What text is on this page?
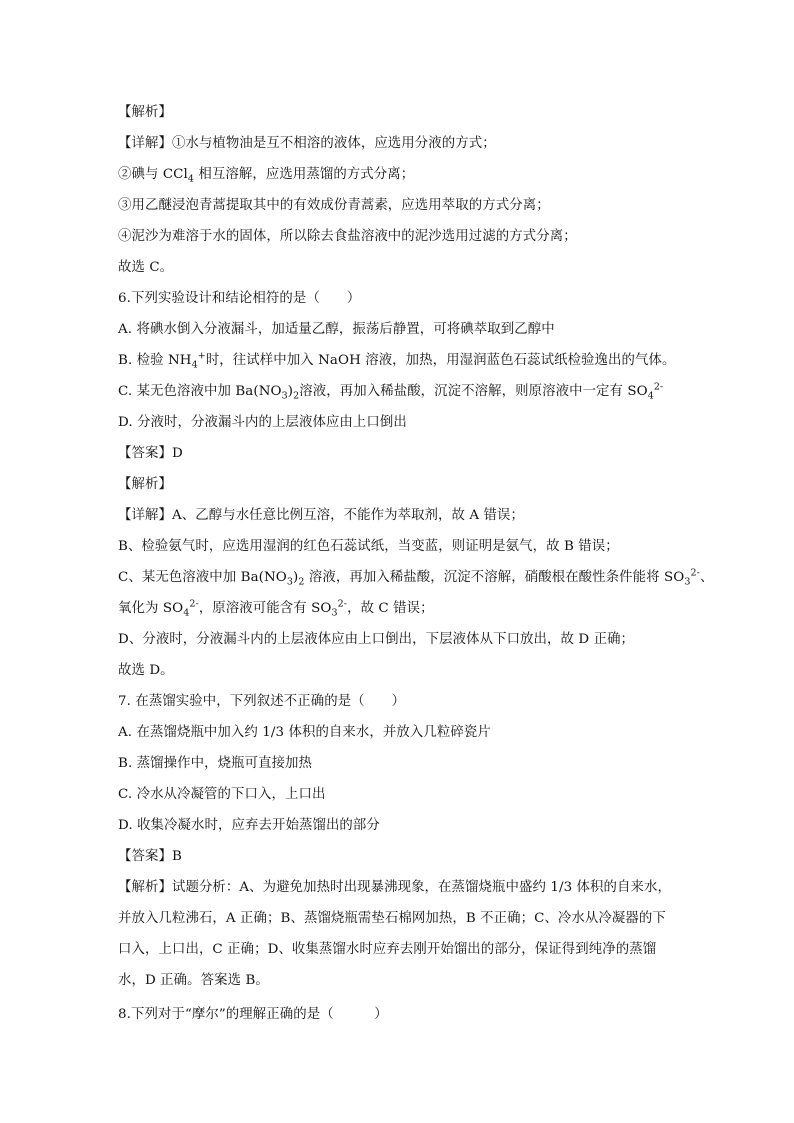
【解析】
【详解】①水与植物油是互不相溶的液体，应选用分液的方式；
②碘与 CCl$_4$ 相互溶解，应选用蒸馏的方式分离；
③用乙醚浸泡青蒿提取其中的有效成份青蒿素，应选用萃取的方式分离；
④泥沙为难溶于水的固体，所以除去食盐溶液中的泥沙选用过滤的方式分离；
故选 C。
6.下列实验设计和结论相符的是（　　）
A. 将碘水倒入分液漏斗，加适量乙醇，振荡后静置，可将碘萃取到乙醇中
B. 检验 $NH_4^+$时，往试样中加入 NaOH 溶液，加热，用湿润蓝色石蕊试纸检验逸出的气体。
C. 某无色溶液中加 $Ba(NO_3)_2$溶液，再加入稀盐酸，沉淀不溶解，则原溶液中一定有 $SO_4^{2-}$
D. 分液时，分液漏斗内的上层液体应由上口倒出
【答案】D
【解析】
【详解】A、乙醇与水任意比例互溶，不能作为萃取剂，故 A 错误；
B、检验氨气时，应选用湿润的红色石蕊试纸，当变蓝，则证明是氨气，故 B 错误；
C、某无色溶液中加 $Ba(NO_3)_2$ 溶液，再加入稀盐酸，沉淀不溶解，硝酸根在酸性条件能将 $SO_3^{2-}$、
氧化为 $SO_4^{2-}$，原溶液可能含有 $SO_3^{2-}$，故 C 错误；
D、分液时，分液漏斗内的上层液体应由上口倒出，下层液体从下口放出，故 D 正确；
故选 D。
7. 在蒸馏实验中，下列叙述不正确的是（　　）
A. 在蒸馏烧瓶中加入约 1/3 体积的自来水，并放入几粒碎瓷片
B. 蒸馏操作中，烧瓶可直接加热
C. 冷水从冷凝管的下口入，上口出
D. 收集冷凝水时，应弃去开始蒸馏出的部分
【答案】B
【解析】试题分析：A、为避免加热时出现暴沸现象，在蒸馏烧瓶中盛约 1/3 体积的自来水，并放入几粒沸石，A 正确；B、蒸馏烧瓶需垫石棉网加热，B 不正确；C、冷水从冷凝器的下口入，上口出，C 正确；D、收集蒸馏水时应弃去刚开始馏出的部分，保证得到纯净的蒸馏水，D 正确。答案选 B。
8.下列对于“摩尔”的理解正确的是（　　　）
